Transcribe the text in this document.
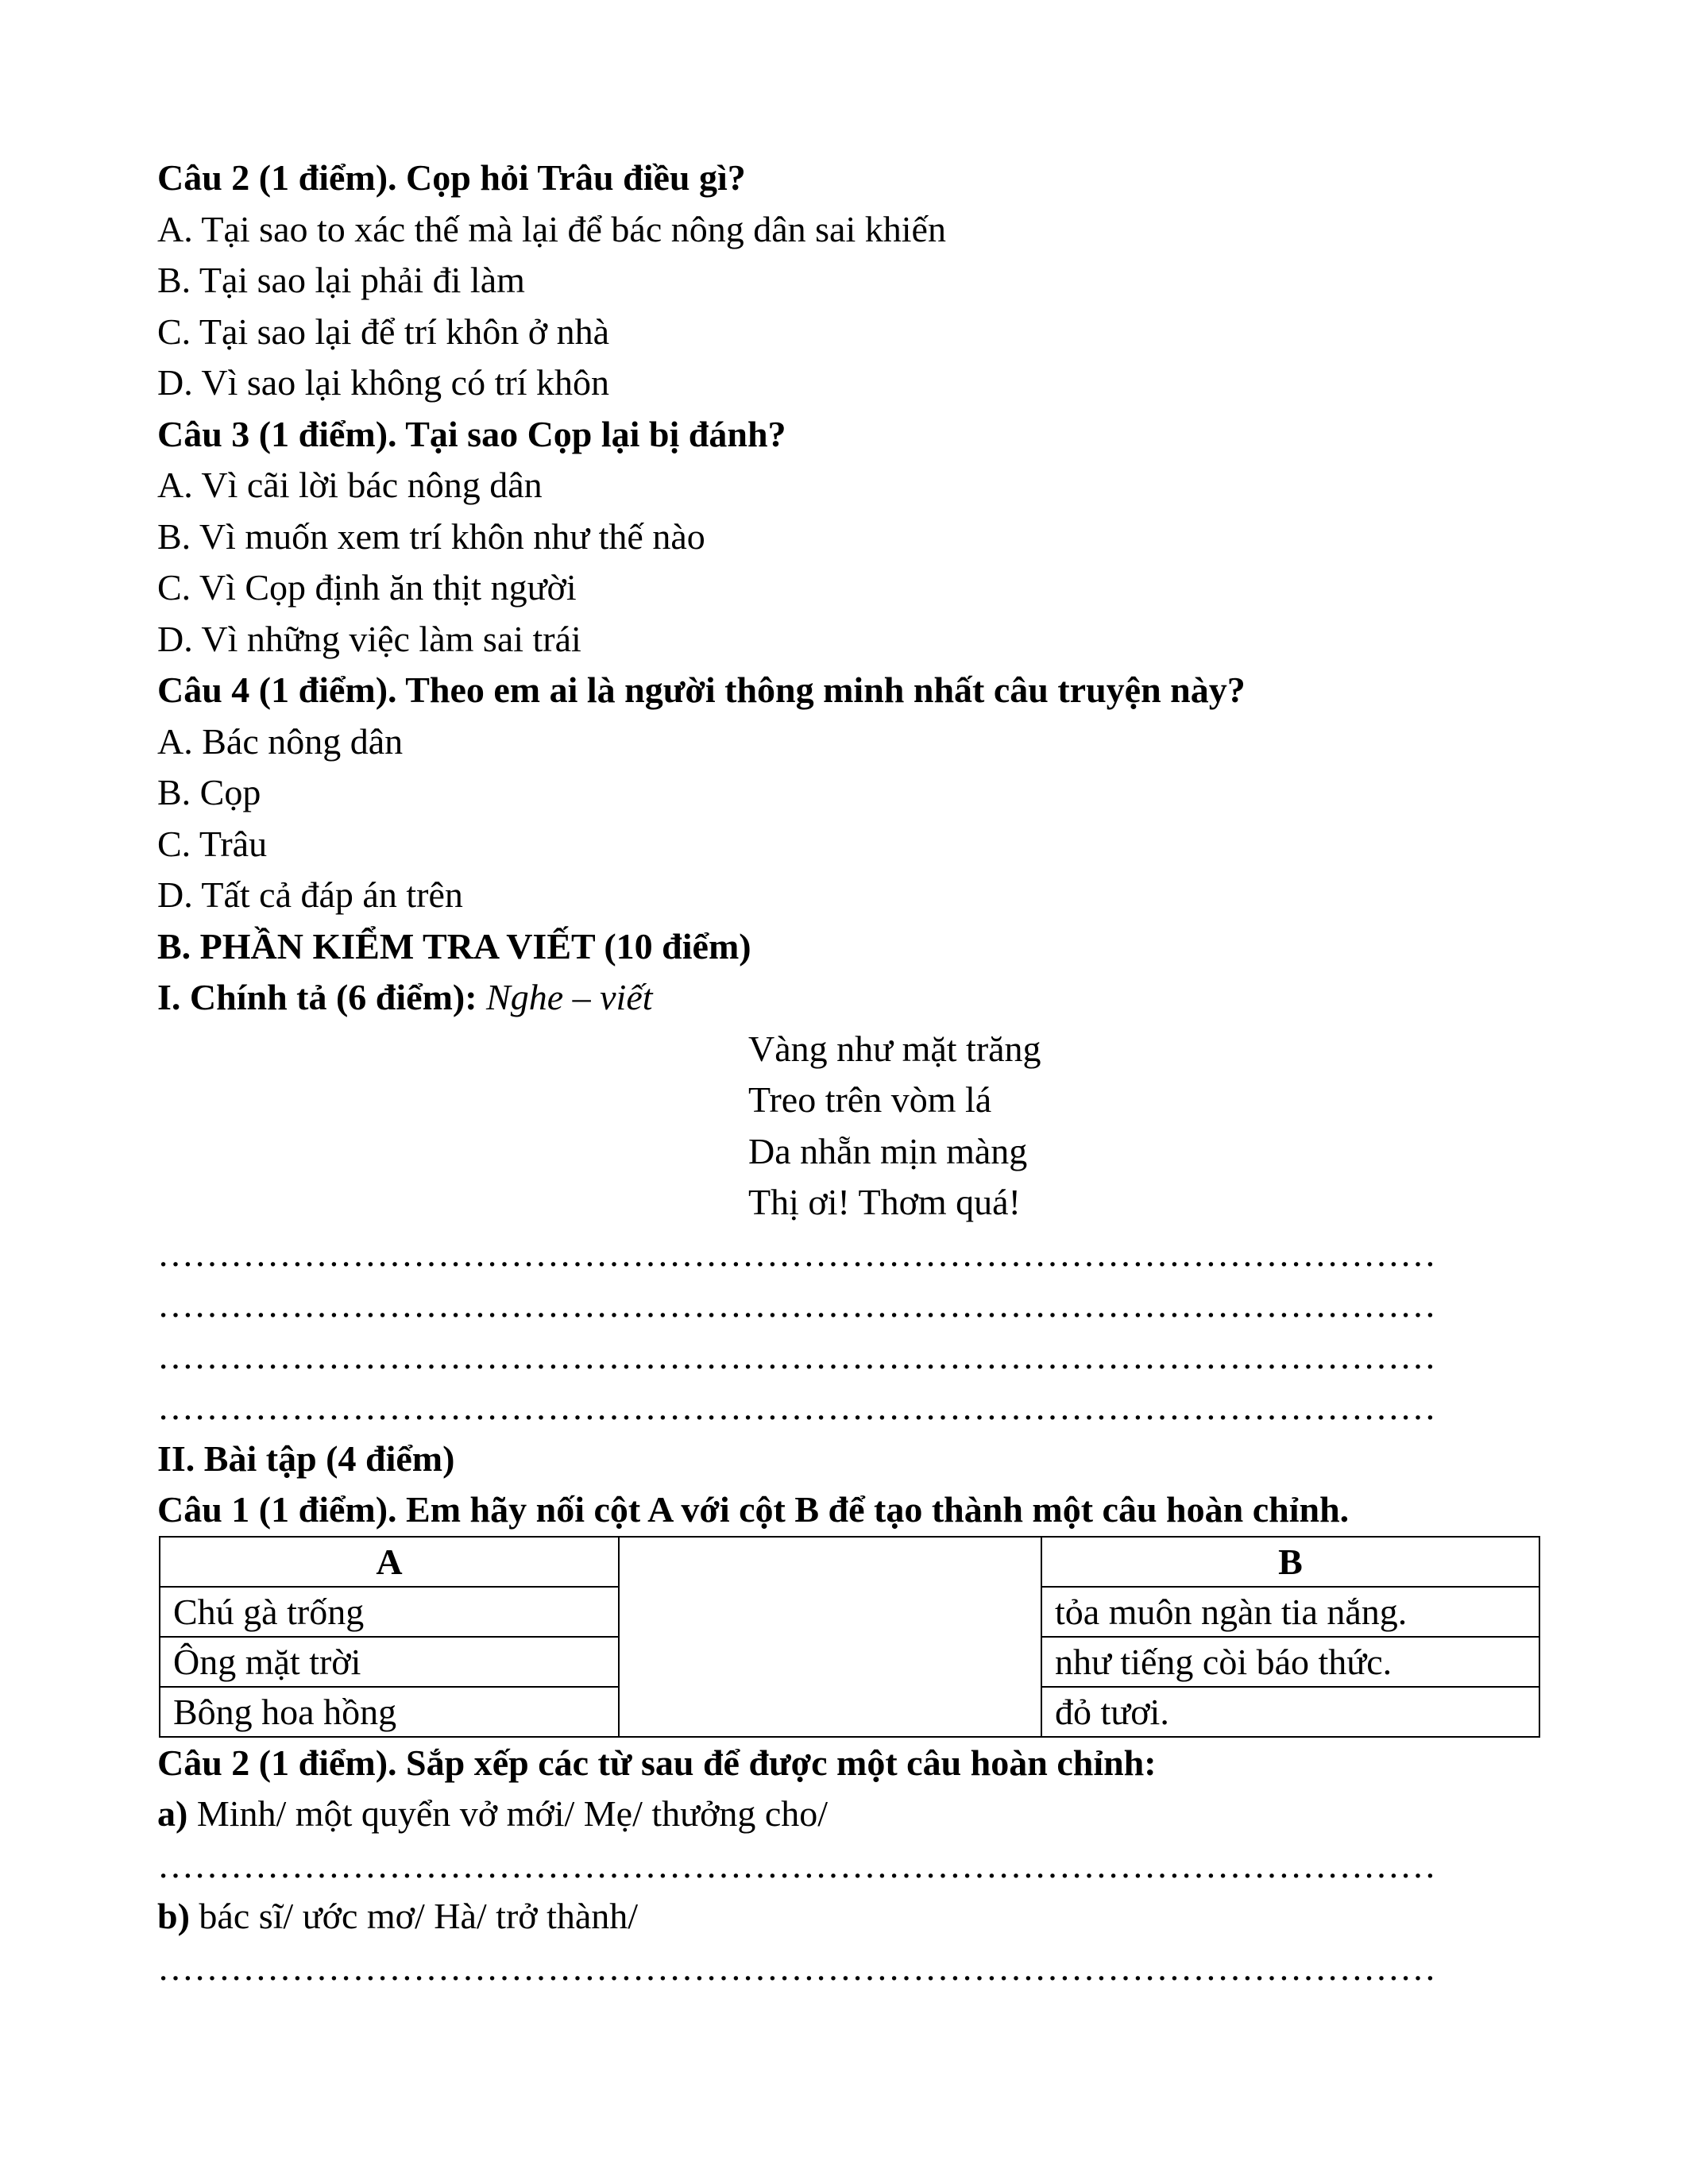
Câu 2 (1 điểm). Cọp hỏi Trâu điều gì?
A. Tại sao to xác thế mà lại để bác nông dân sai khiến
B. Tại sao lại phải đi làm
C. Tại sao lại để trí khôn ở nhà
D. Vì sao lại không có trí khôn
Câu 3 (1 điểm). Tại sao Cọp lại bị đánh?
A. Vì cãi lời bác nông dân
B. Vì muốn xem trí khôn như thế nào
C. Vì Cọp định ăn thịt người
D. Vì những việc làm sai trái
Câu 4 (1 điểm). Theo em ai là người thông minh nhất câu truyện này?
A. Bác nông dân
B. Cọp
C. Trâu
D. Tất cả đáp án trên
B. PHẦN KIỂM TRA VIẾT (10 điểm)
I. Chính tả (6 điểm): Nghe – viết
Vàng như mặt trăng
Treo trên vòm lá
Da nhẵn mịn màng
Thị ơi! Thơm quá!
……………………………………………………………………………………………
……………………………………………………………………………………………
……………………………………………………………………………………………
……………………………………………………………………………………………
II. Bài tập (4 điểm)
Câu 1 (1 điểm). Em hãy nối cột A với cột B để tạo thành một câu hoàn chỉnh.
A		B
Chú gà trống		tỏa muôn ngàn tia nắng.
Ông mặt trời		như tiếng còi báo thức.
Bông hoa hồng		đỏ tươi.
Câu 2 (1 điểm). Sắp xếp các từ sau để được một câu hoàn chỉnh:
a) Minh/ một quyển vở mới/ Mẹ/ thưởng cho/
……………………………………………………………………………………………
b) bác sĩ/ ước mơ/ Hà/ trở thành/
……………………………………………………………………………………………
